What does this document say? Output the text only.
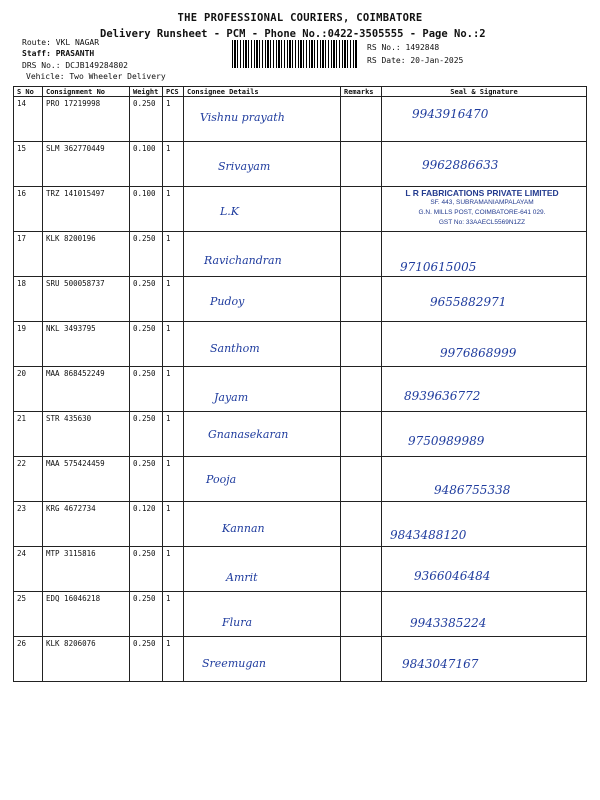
THE PROFESSIONAL COURIERS, COIMBATORE
Delivery Runsheet - PCM - Phone No.:0422-3505555 - Page No.:2
Route: VKL NAGAR
Staff: PRASANTH
DRS No.: DCJB149284802
Vehicle: Two Wheeler Delivery
RS No.: 1492848
RS Date: 20-Jan-2025
S No	Consignment No	Weight	PCS	Consignee Details	Remarks	Seal & Signature
14	PRO 17219998	0.250	1	Vishnu prayath		9943916470

15	SLM 362770449	0.100	1	Srivayam		9962886633

16	TRZ 141015497	0.100	1	L.K		L R FABRICATIONS PRIVATE LIMITED
SF. 443, SUBRAMANIAMPALAYAM
G.N. MILLS POST, COIMBATORE-641 029.
GST No: 33AAECL5569N1ZZ

17	KLK 8200196	0.250	1	Ravichandran		9710615005

18	SRU 500058737	0.250	1	Pudoy		9655882971

19	NKL 3493795	0.250	1	Santhom		9976868999

20	MAA 868452249	0.250	1	Jayam		8939636772

21	STR 435630	0.250	1	Gnanasekaran		9750989989

22	MAA 575424459	0.250	1	Pooja		9486755338

23	KRG 4672734	0.120	1	Kannan		9843488120

24	MTP 3115816	0.250	1	Amrit		9366046484

25	EDQ 16046218	0.250	1	Flura		9943385224

26	KLK 8206076	0.250	1	Sreemugan		9843047167
